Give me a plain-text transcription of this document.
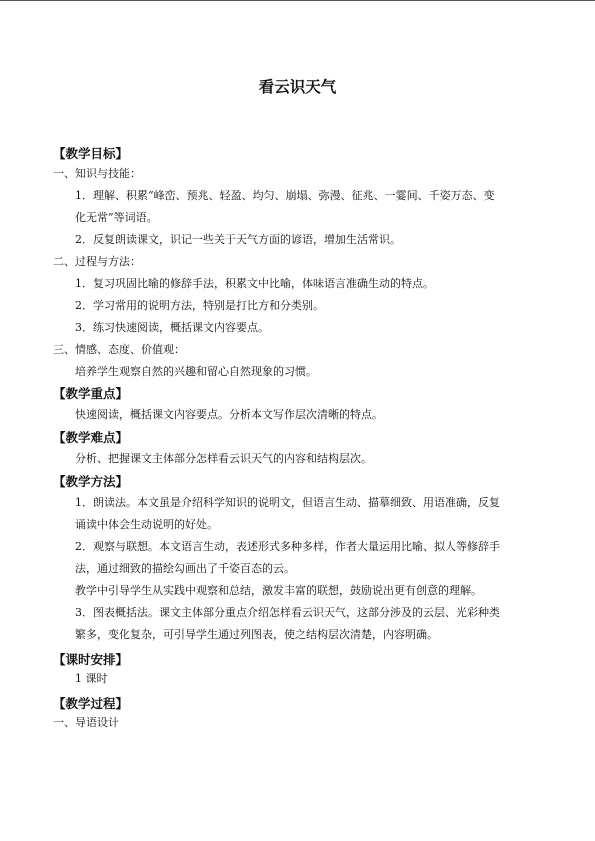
看云识天气
【教学目标】
一、知识与技能：
1．理解、积累“峰峦、预兆、轻盈、均匀、崩塌、弥漫、征兆、一霎间、千姿万态、变
化无常”等词语。
2．反复朗读课文，识记一些关于天气方面的谚语，增加生活常识。
二、过程与方法：
1．复习巩固比喻的修辞手法，积累文中比喻，体味语言准确生动的特点。
2．学习常用的说明方法，特别是打比方和分类别。
3．练习快速阅读，概括课文内容要点。
三、情感、态度、价值观：
培养学生观察自然的兴趣和留心自然现象的习惯。
【教学重点】
快速阅读，概括课文内容要点。分析本文写作层次清晰的特点。
【教学难点】
分析、把握课文主体部分怎样看云识天气的内容和结构层次。
【教学方法】
1．朗读法。本文虽是介绍科学知识的说明文，但语言生动、描摹细致、用语准确，反复
诵读中体会生动说明的好处。
2．观察与联想。本文语言生动，表述形式多种多样，作者大量运用比喻、拟人等修辞手
法，通过细致的描绘勾画出了千姿百态的云。
教学中引导学生从实践中观察和总结，激发丰富的联想，鼓励说出更有创意的理解。
3．图表概括法。课文主体部分重点介绍怎样看云识天气，这部分涉及的云层、光彩种类
繁多，变化复杂，可引导学生通过列图表，使之结构层次清楚，内容明确。
【课时安排】
1 课时
【教学过程】
一、导语设计
